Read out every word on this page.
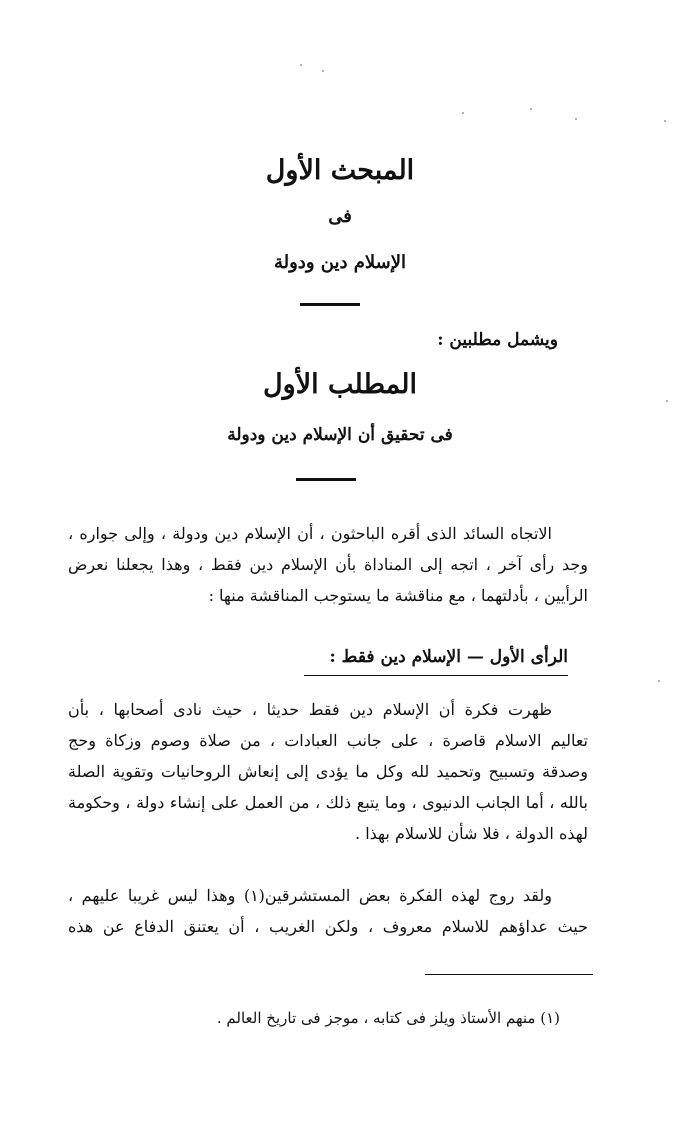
المبحث الأول
فى
الإسلام دين ودولة
ويشمل مطلبين :
المطلب الأول
فى تحقيق أن الإسلام دين ودولة
الاتجاه السائد الذى أقره الباحثون ، أن الإسلام دين ودولة ، وإلى جواره ،
وجد رأى آخر ، اتجه إلى المناداة بأن الإسلام دين فقط ، وهذا يجعلنا نعرض
الرأيين ، بأدلتهما ، مع مناقشة ما يستوجب المناقشة منها :
الرأى الأول — الإسلام دين فقط :
ظهرت فكرة أن الإسلام دين فقط حديثا ، حيث نادى أصحابها ، بأن
تعاليم الاسلام قاصرة ، على جانب العبادات ، من صلاة وصوم وزكاة وحج
وصدقة وتسبيح وتحميد لله وكل ما يؤدى إلى إنعاش الروحانيات وتقوية الصلة
بالله ، أما الجانب الدنيوى ، وما يتبع ذلك ، من العمل على إنشاء دولة ، وحكومة
لهذه الدولة ، فلا شأن للاسلام بهذا .
ولقد روج لهذه الفكرة بعض المستشرقين(١) وهذا ليس غريبا عليهم ،
حيث عداؤهم للاسلام معروف ، ولكن الغريب ، أن يعتنق الدفاع عن هذه
(١) منهم الأستاذ ويلز فى كتابه ، موجز فى تاريخ العالم .
